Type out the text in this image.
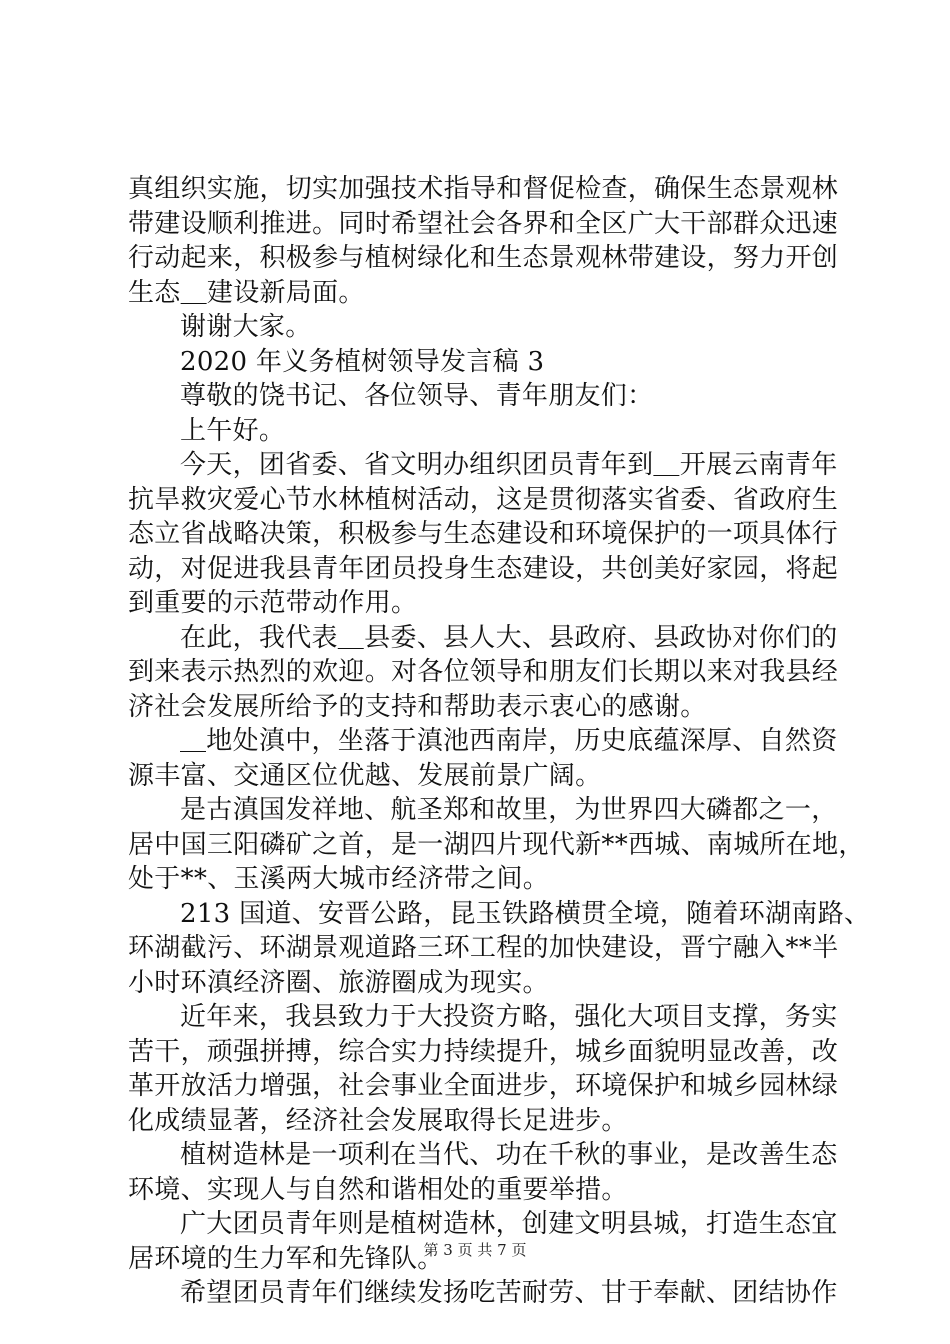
真组织实施，切实加强技术指导和督促检查，确保生态景观林
带建设顺利推进。同时希望社会各界和全区广大干部群众迅速
行动起来，积极参与植树绿化和生态景观林带建设，努力开创
生态＿建设新局面。
谢谢大家。
2020 年义务植树领导发言稿 3
尊敬的饶书记、各位领导、青年朋友们：
上午好。
今天，团省委、省文明办组织团员青年到＿开展云南青年
抗旱救灾爱心节水林植树活动，这是贯彻落实省委、省政府生
态立省战略决策，积极参与生态建设和环境保护的一项具体行
动，对促进我县青年团员投身生态建设，共创美好家园，将起
到重要的示范带动作用。
在此，我代表＿县委、县人大、县政府、县政协对你们的
到来表示热烈的欢迎。对各位领导和朋友们长期以来对我县经
济社会发展所给予的支持和帮助表示衷心的感谢。
＿地处滇中，坐落于滇池西南岸，历史底蕴深厚、自然资
源丰富、交通区位优越、发展前景广阔。
是古滇国发祥地、航圣郑和故里，为世界四大磷都之一，
居中国三阳磷矿之首，是一湖四片现代新**西城、南城所在地，
处于**、玉溪两大城市经济带之间。
213 国道、安晋公路，昆玉铁路横贯全境，随着环湖南路、
环湖截污、环湖景观道路三环工程的加快建设，晋宁融入**半
小时环滇经济圈、旅游圈成为现实。
近年来，我县致力于大投资方略，强化大项目支撑，务实
苦干，顽强拼搏，综合实力持续提升，城乡面貌明显改善，改
革开放活力增强，社会事业全面进步，环境保护和城乡园林绿
化成绩显著，经济社会发展取得长足进步。
植树造林是一项利在当代、功在千秋的事业，是改善生态
环境、实现人与自然和谐相处的重要举措。
广大团员青年则是植树造林，创建文明县城，打造生态宜
居环境的生力军和先锋队。
希望团员青年们继续发扬吃苦耐劳、甘于奉献、团结协作
第 3 页 共 7 页
